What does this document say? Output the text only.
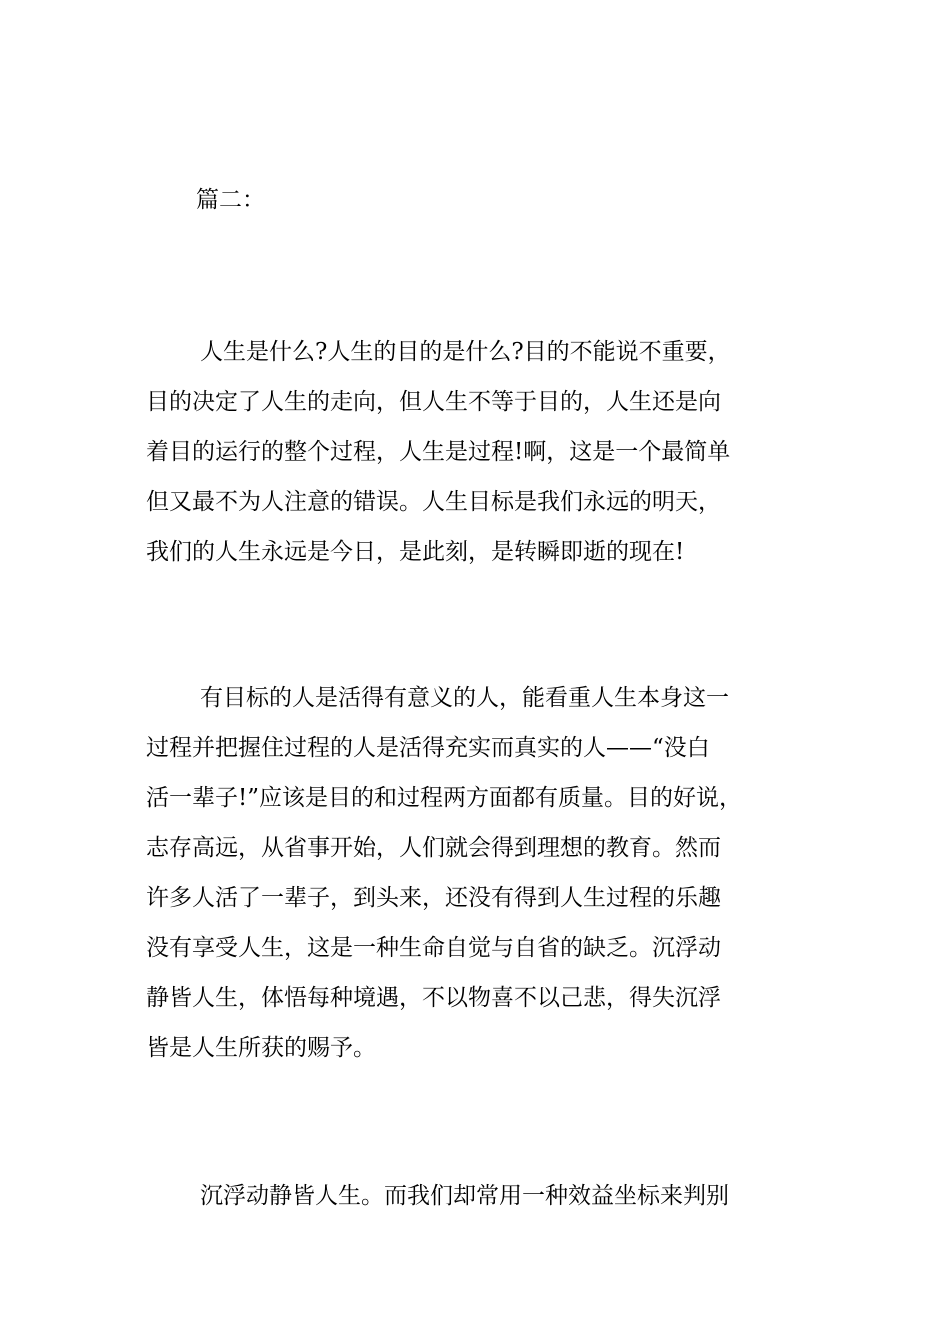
篇二：
人生是什么?人生的目的是什么?目的不能说不重要，
目的决定了人生的走向，但人生不等于目的，人生还是向
着目的运行的整个过程，人生是过程!啊，这是一个最简单
但又最不为人注意的错误。人生目标是我们永远的明天，
我们的人生永远是今日，是此刻，是转瞬即逝的现在!
有目标的人是活得有意义的人，能看重人生本身这一
过程并把握住过程的人是活得充实而真实的人——“没白
活一辈子!”应该是目的和过程两方面都有质量。目的好说，
志存高远，从省事开始，人们就会得到理想的教育。然而
许多人活了一辈子，到头来，还没有得到人生过程的乐趣
没有享受人生，这是一种生命自觉与自省的缺乏。沉浮动
静皆人生，体悟每种境遇，不以物喜不以己悲，得失沉浮
皆是人生所获的赐予。
沉浮动静皆人生。而我们却常用一种效益坐标来判别
